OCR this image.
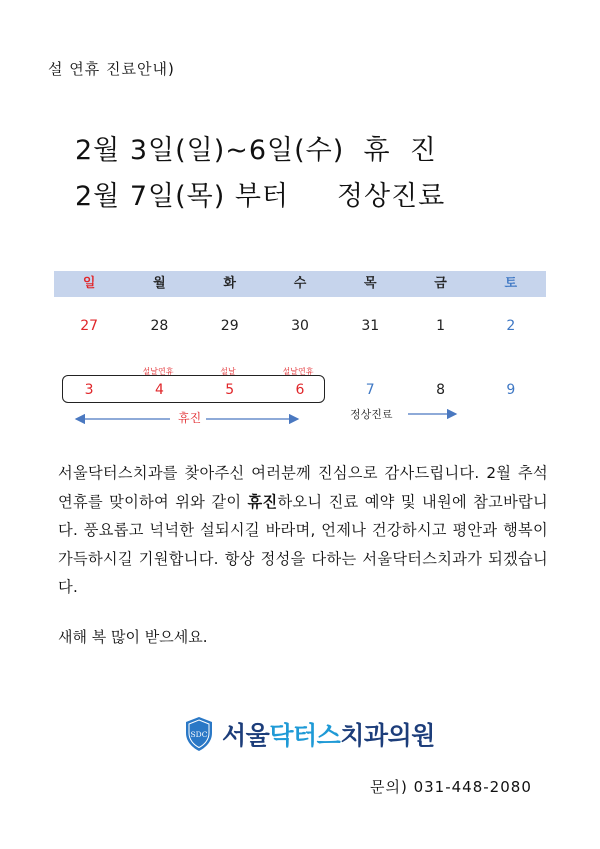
설 연휴 진료안내)
2월 3일(일)~6일(수)  휴  진
2월 7일(목) 부터     정상진료
일	월	화	수	목	금	토
27	28	29	30	31	1	2
설날연휴	설날	설날연휴
3	4	5	6	7	8	9
휴진	정상진료
서울닥터스치과를 찾아주신 여러분께 진심으로 감사드립니다. 2월 추석연휴를 맞이하여 위와 같이 휴진하오니 진료 예약 및 내원에 참고바랍니다. 풍요롭고 넉넉한 설되시길 바라며, 언제나 건강하시고 평안과 행복이 가득하시길 기원합니다. 항상 정성을 다하는 서울닥터스치과가 되겠습니다.
새해 복 많이 받으세요.
SDC 서울닥터스치과의원
문의) 031-448-2080
